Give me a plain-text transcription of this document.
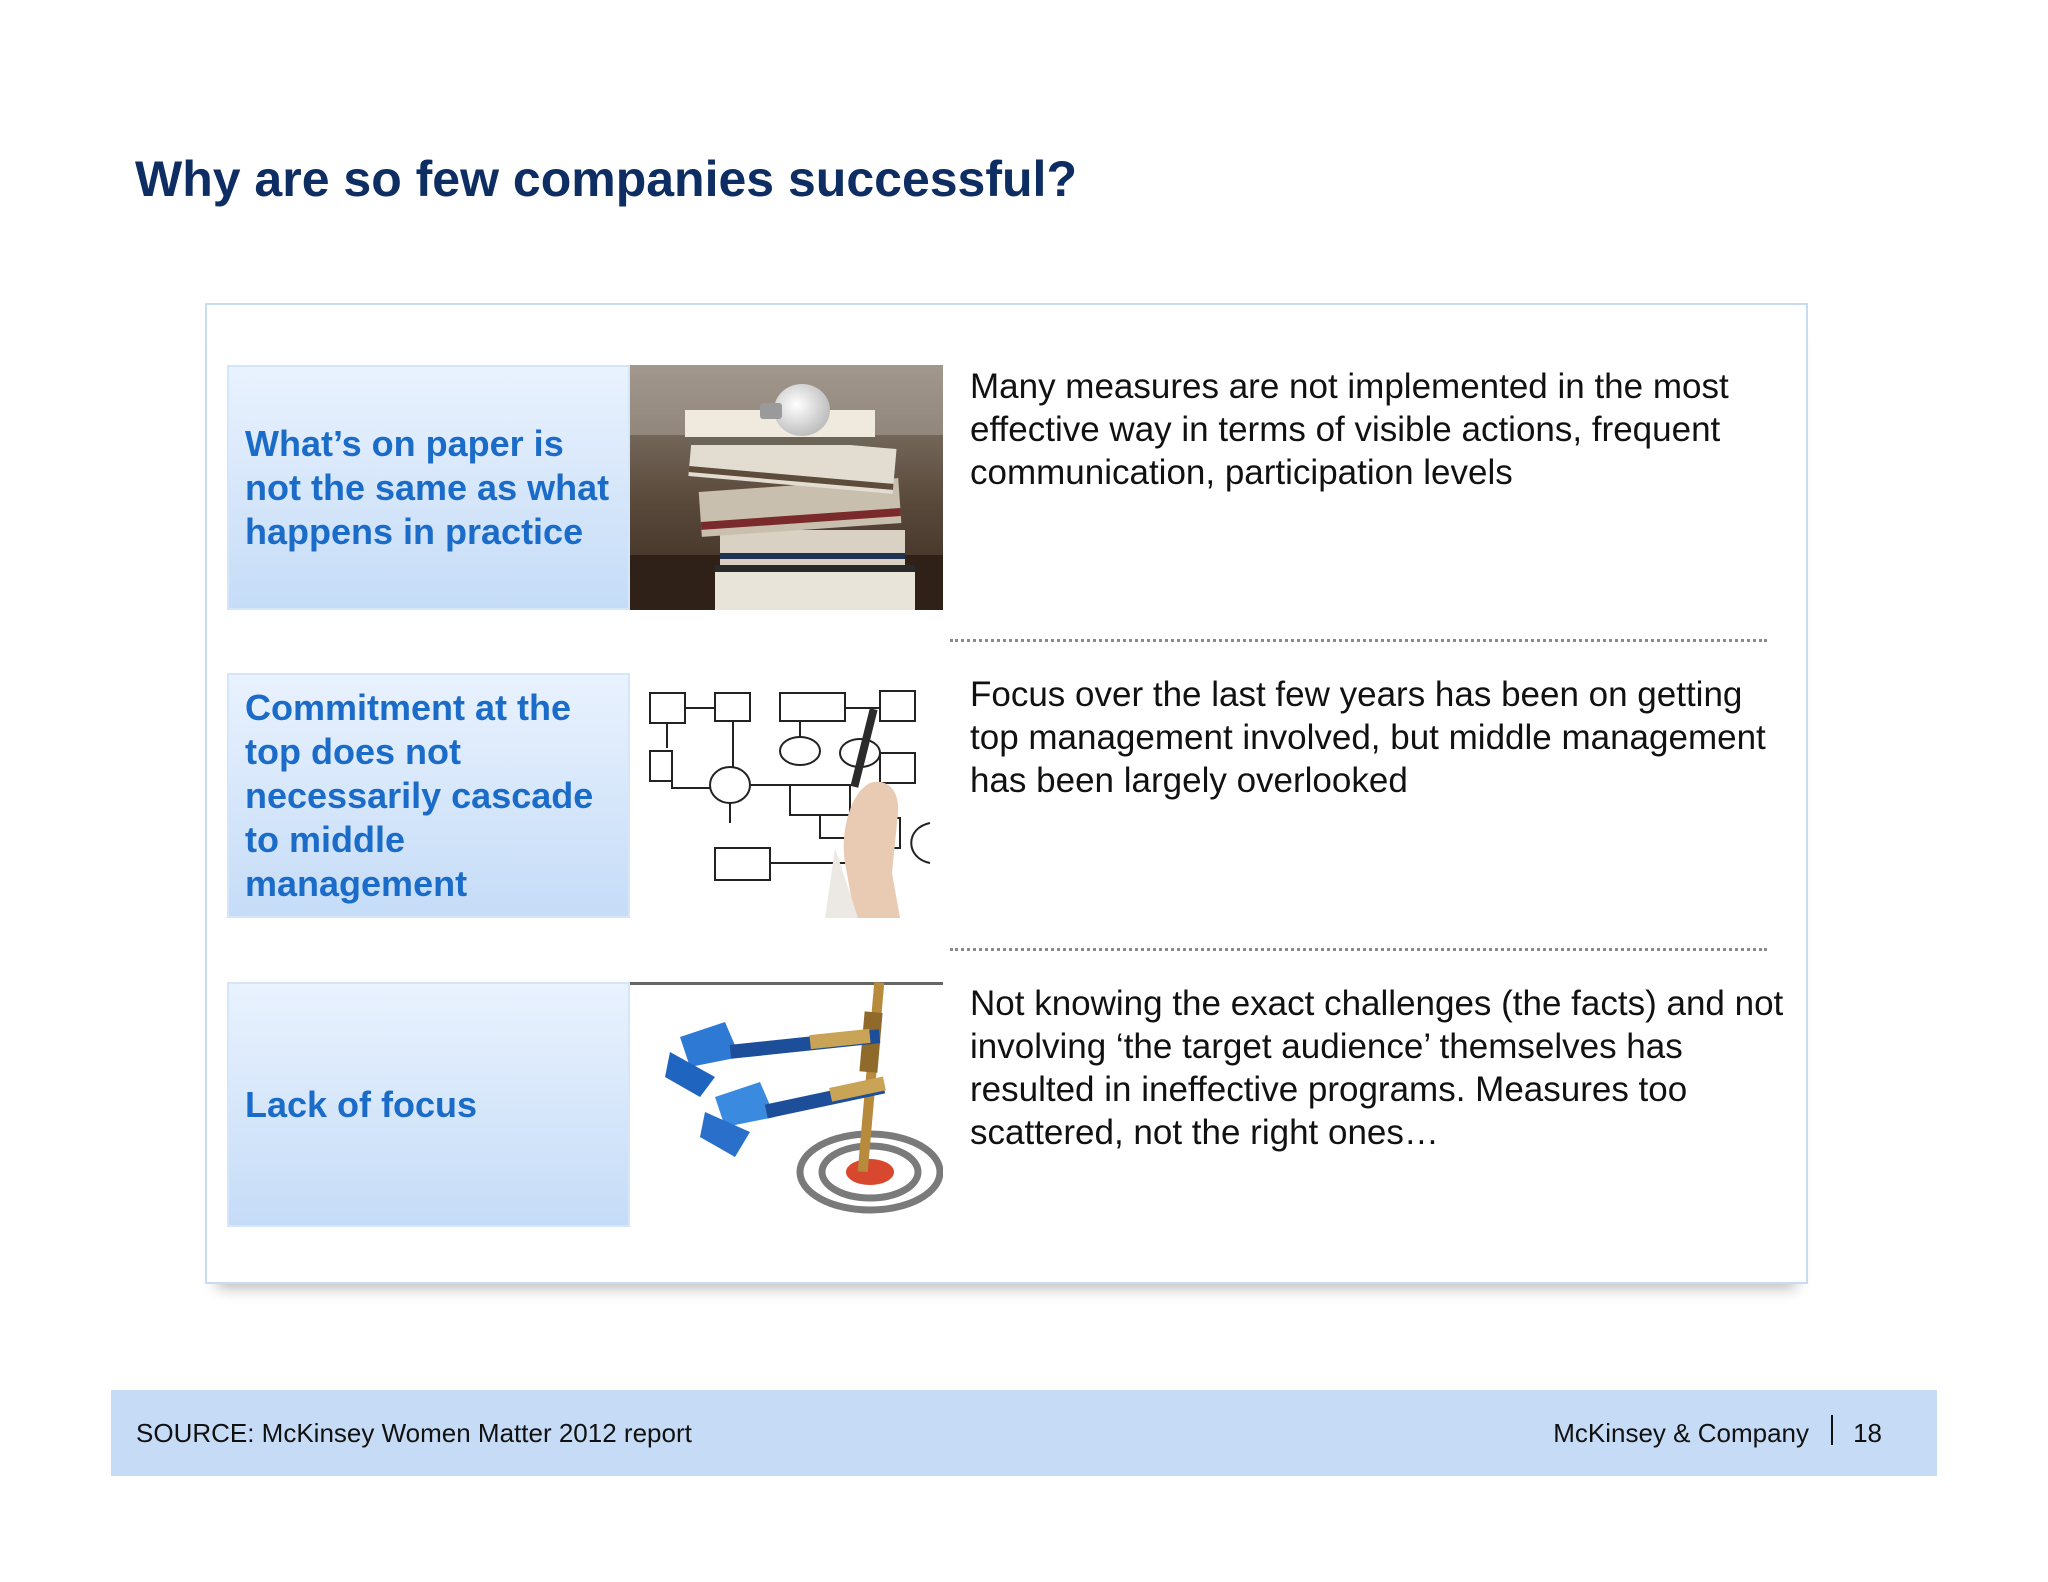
Why are so few companies successful?
What’s on paper is not the same as what happens in practice

Many measures are not implemented in the most effective way in terms of visible actions, frequent communication, participation levels

Commitment at the top does not necessarily cascade to middle management

Focus over the last few years has been on getting top management involved, but middle management has been largely overlooked

Lack of focus

Not knowing the exact challenges (the facts) and not involving ‘the target audience’ themselves has resulted in ineffective programs. Measures too scattered, not the right ones…

SOURCE: McKinsey Women Matter 2012 report	McKinsey & Company 18
